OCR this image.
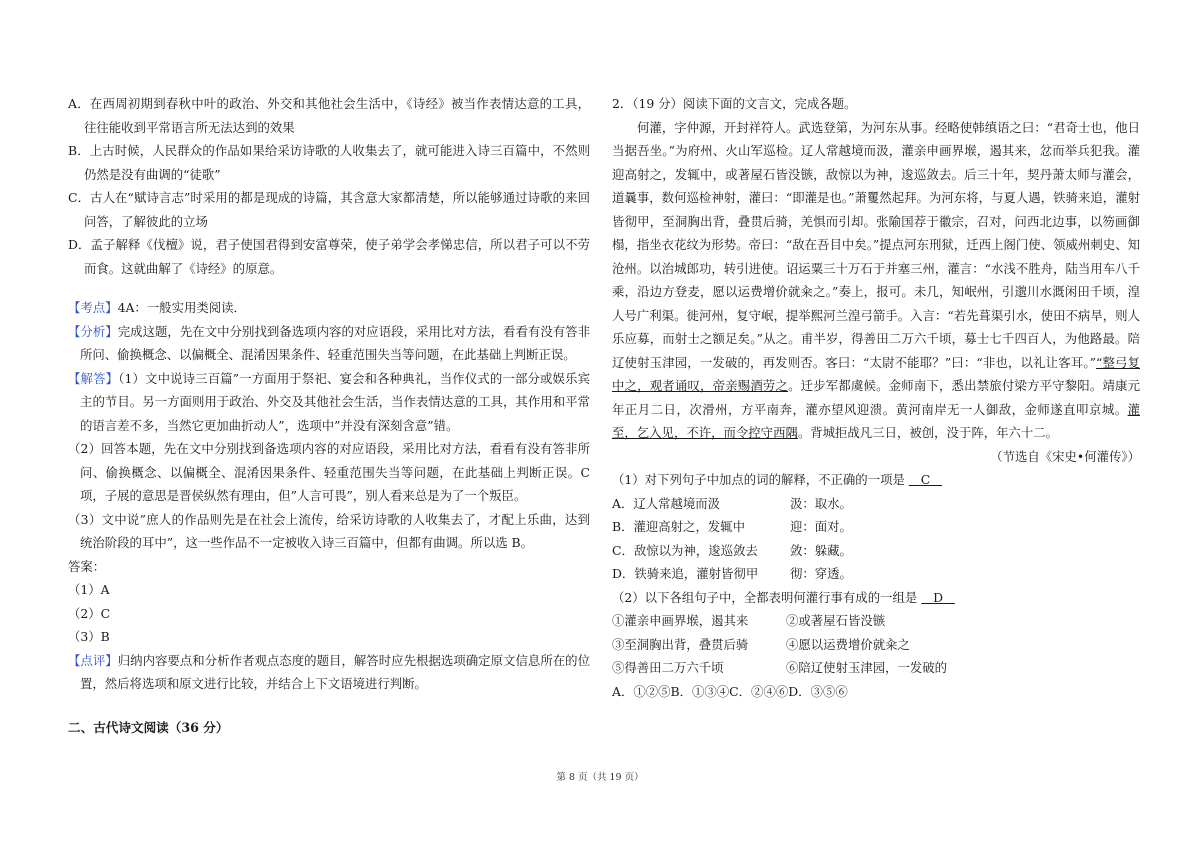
A．在西周初期到春秋中叶的政治、外交和其他社会生活中，《诗经》被当作表情达意的工具，往往能收到平常语言所无法达到的效果

B．上古时候，人民群众的作品如果给采访诗歌的人收集去了，就可能进入诗三百篇中，不然则仍然是没有曲调的“徒歌”

C．古人在“赋诗言志”时采用的都是现成的诗篇，其含意大家都清楚，所以能够通过诗歌的来回问答，了解彼此的立场

D．孟子解释《伐檀》说，君子使国君得到安富尊荣，使子弟学会孝悌忠信，所以君子可以不劳而食。这就曲解了《诗经》的原意。

【考点】4A：一般实用类阅读．

【分析】完成这题，先在文中分别找到备选项内容的对应语段，采用比对方法，看看有没有答非所问、偷换概念、以偏概全、混淆因果条件、轻重范围失当等问题，在此基础上判断正误。

【解答】（1）文中说诗三百篇”一方面用于祭祀、宴会和各种典礼，当作仪式的一部分或娱乐宾主的节目。另一方面则用于政治、外交及其他社会生活，当作表情达意的工具，其作用和平常的语言差不多，当然它更加曲折动人”，选项中”并没有深刻含意”错。

（2）回答本题，先在文中分别找到备选项内容的对应语段，采用比对方法，看看有没有答非所问、偷换概念、以偏概全、混淆因果条件、轻重范围失当等问题，在此基础上判断正误。C项，子展的意思是晋侯纵然有理由，但”人言可畏”，别人看来总是为了一个叛臣。

（3）文中说”庶人的作品则先是在社会上流传，给采访诗歌的人收集去了，才配上乐曲，达到统治阶段的耳中”，这一些作品不一定被收入诗三百篇中，但都有曲调。所以选 B。

答案：

（1）A

（2）C

（3）B

【点评】归纳内容要点和分析作者观点态度的题目，解答时应先根据选项确定原文信息所在的位置，然后将选项和原文进行比较，并结合上下文语境进行判断。

二、古代诗文阅读（36 分）

2．（19 分）阅读下面的文言文，完成各题。

何灌，字仲源，开封祥符人。武选登第，为河东从事。经略使韩缜语之曰：“君奇士也，他日当据吾坐。”为府州、火山军巡检。辽人常越境而汲，灌亲申画界堠，遏其来，忿而举兵犯我。灌迎高射之，发辄中，或著屋石皆没镞，敌惊以为神，逡巡敛去。后三十年，契丹萧太师与灌会，道曩事，数何巡检神射，灌曰：“即灌是也。”萧矍然起拜。为河东将，与夏人遇，铁骑来追，灌射皆彻甲，至洞胸出背，叠贯后骑，羌惧而引却。张隃国荐于徽宗，召对，问西北边事，以笏画御榻，指坐衣花纹为形势。帝曰：“敌在吾目中矣。”提点河东刑狱，迁西上阁门使、领威州刺史、知沧州。以治城郎功，转引进使。诏运粟三十万石于并塞三州，灌言：“水浅不胜舟，陆当用车八千乘，沿边方登麦，愿以运费增价就籴之。”奏上，报可。未几，知岷州，引邈川水溉闲田千顷，湟人号广利渠。徙河州，复守岷，提举熙河兰湟弓箭手。入言：“若先葺渠引水，使田不病旱，则人乐应募，而射士之额足矣。”从之。甫半岁，得善田二万六千顷，募士七千四百人，为他路最。陪辽使射玉津园，一发破的，再发则否。客曰：“太尉不能耶？”曰：“非也，以礼让客耳。”“整弓复中之，观者诵叹，帝亲赐酒劳之。迁步军都虞候。金师南下，悉出禁旅付梁方平守黎阳。靖康元年正月二日，次滑州，方平南奔，灌亦望风迎溃。黄河南岸无一人御敌，金师遂直叩京城。灌至，乞入见，不许，而令控守西隅。背城拒战凡三日，被创，没于阵，年六十二。

（节选自《宋史•何灌传》）

（1）对下列句子中加点的词的解释，不正确的一项是 C

A．辽人常越境而汲	汲：取水。
B．灌迎高射之，发辄中	迎：面对。
C．敌惊以为神，逡巡敛去	敛：躲藏。
D．铁骑来追，灌射皆彻甲	彻：穿透。

（2）以下各组句子中，全都表明何灌行事有成的一组是 D

①灌亲申画界堠，遏其来	②或著屋石皆没镞
③至洞胸出背，叠贯后骑	④愿以运费增价就籴之
⑤得善田二万六千顷	⑥陪辽使射玉津园，一发破的

A．①②⑤B．①③④C．②④⑥D．③⑤⑥

第 8 页（共 19 页）
